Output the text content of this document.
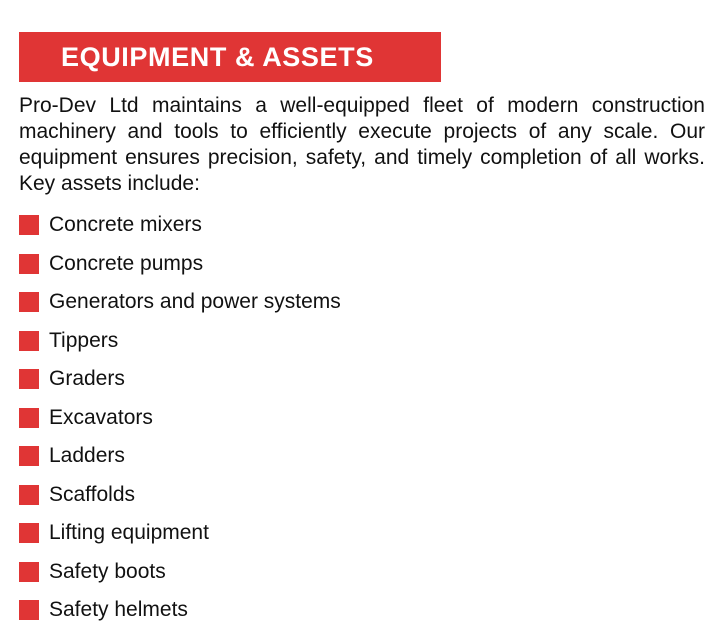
EQUIPMENT & ASSETS

Pro-Dev Ltd maintains a well-equipped fleet of modern construction machinery and tools to efficiently execute projects of any scale. Our equipment ensures precision, safety, and timely completion of all works. Key assets include:

Concrete mixers
Concrete pumps
Generators and power systems
Tippers
Graders
Excavators
Ladders
Scaffolds
Lifting equipment
Safety boots
Safety helmets
